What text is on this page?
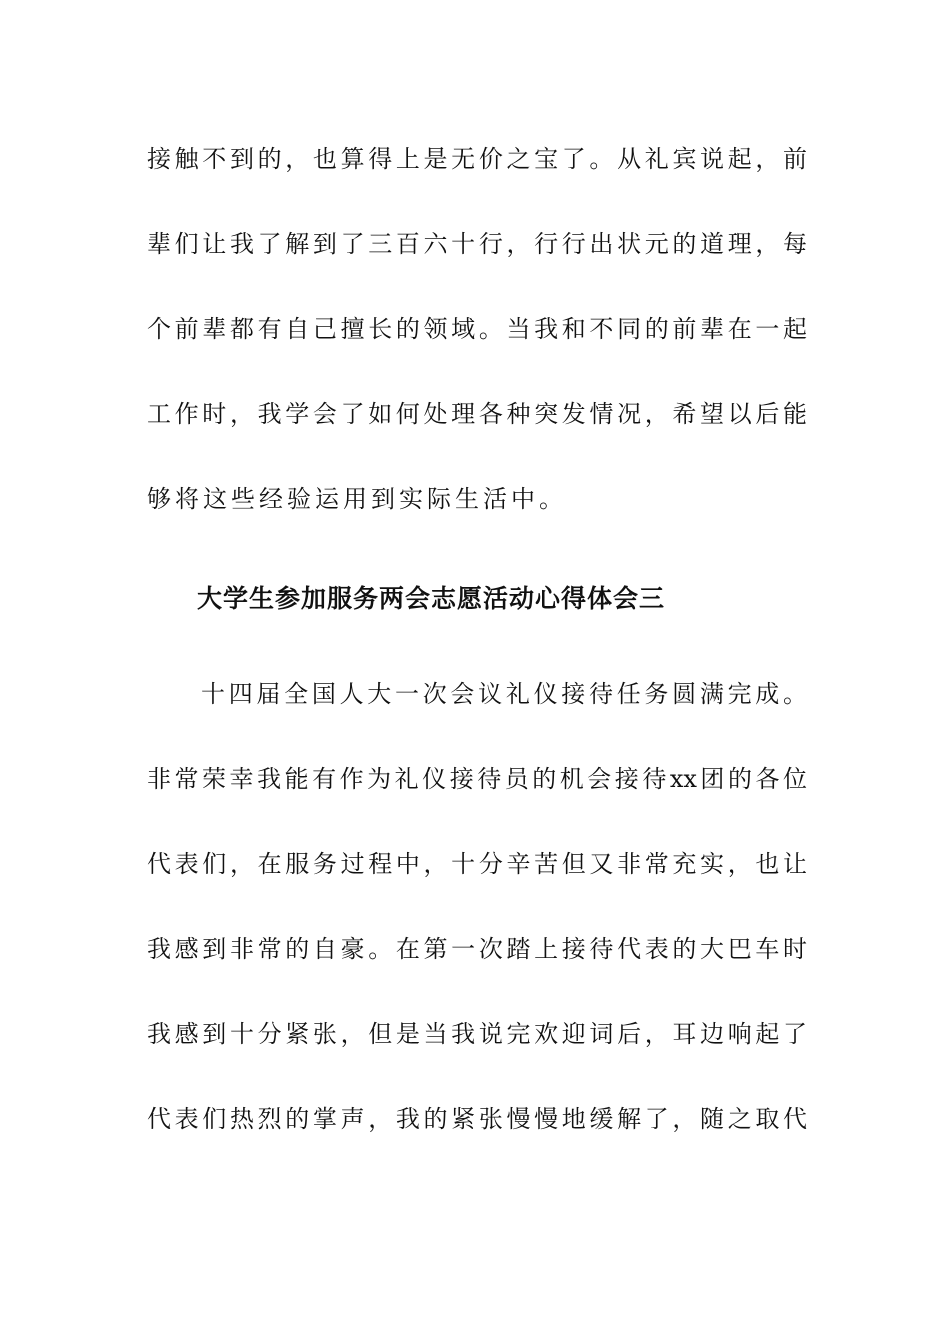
接触不到的，也算得上是无价之宝了。从礼宾说起，前
辈们让我了解到了三百六十行，行行出状元的道理，每
个前辈都有自己擅长的领域。当我和不同的前辈在一起
工作时，我学会了如何处理各种突发情况，希望以后能
够将这些经验运用到实际生活中。
大学生参加服务两会志愿活动心得体会三
十四届全国人大一次会议礼仪接待任务圆满完成。
非常荣幸我能有作为礼仪接待员的机会接待xx团的各位
代表们，在服务过程中，十分辛苦但又非常充实，也让
我感到非常的自豪。在第一次踏上接待代表的大巴车时
我感到十分紧张，但是当我说完欢迎词后，耳边响起了
代表们热烈的掌声，我的紧张慢慢地缓解了，随之取代
